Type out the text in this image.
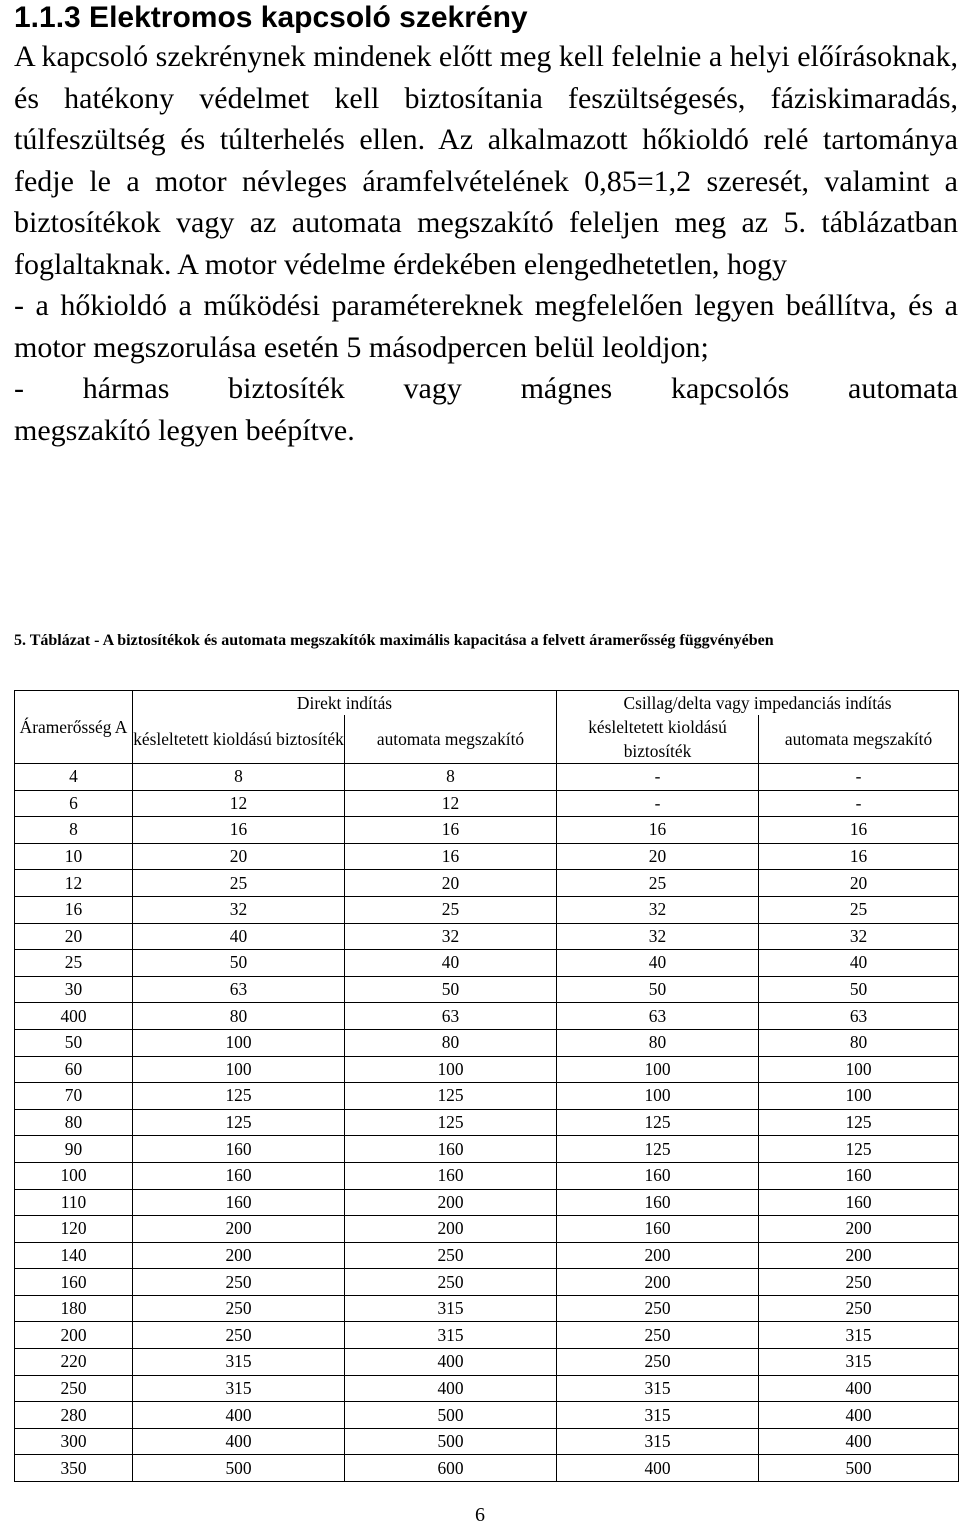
1.1.3 Elektromos kapcsoló szekrény

A kapcsoló szekrénynek mindenek előtt meg kell felelnie a helyi előírásoknak, és hatékony védelmet kell biztosítania feszültségesés, fáziskimaradás, túlfeszültség és túlterhelés ellen. Az alkalmazott hőkioldó relé tartománya fedje le a motor névleges áramfelvételének 0,85=1,2 szeresét, valamint a biztosítékok vagy az automata megszakító feleljen meg az 5. táblázatban foglaltaknak. A motor védelme érdekében elengedhetetlen, hogy

- a hőkioldó a működési paramétereknek megfelelően legyen beállítva, és a motor megszorulása esetén 5 másodpercen belül leoldjon;

- hármas biztosíték vagy mágnes kapcsolós automata

megszakító legyen beépítve.

5. Táblázat - A biztosítékok és automata megszakítók maximális kapacitása a felvett áramerősség függvényében
Áramerősség A	Direkt indítás		Csillag/delta vagy impedanciás indítás	
	késleltetett kioldású biztosíték	automata megszakító	késleltetett kioldású biztosíték	automata megszakító
4	8	8	-	-
6	12	12	-	-
8	16	16	16	16
10	20	16	20	16
12	25	20	25	20
16	32	25	32	25
20	40	32	32	32
25	50	40	40	40
30	63	50	50	50
400	80	63	63	63
50	100	80	80	80
60	100	100	100	100
70	125	125	100	100
80	125	125	125	125
90	160	160	125	125
100	160	160	160	160
110	160	200	160	160
120	200	200	160	200
140	200	250	200	200
160	250	250	200	250
180	250	315	250	250
200	250	315	250	315
220	315	400	250	315
250	315	400	315	400
280	400	500	315	400
300	400	500	315	400
350	500	600	400	500
6
